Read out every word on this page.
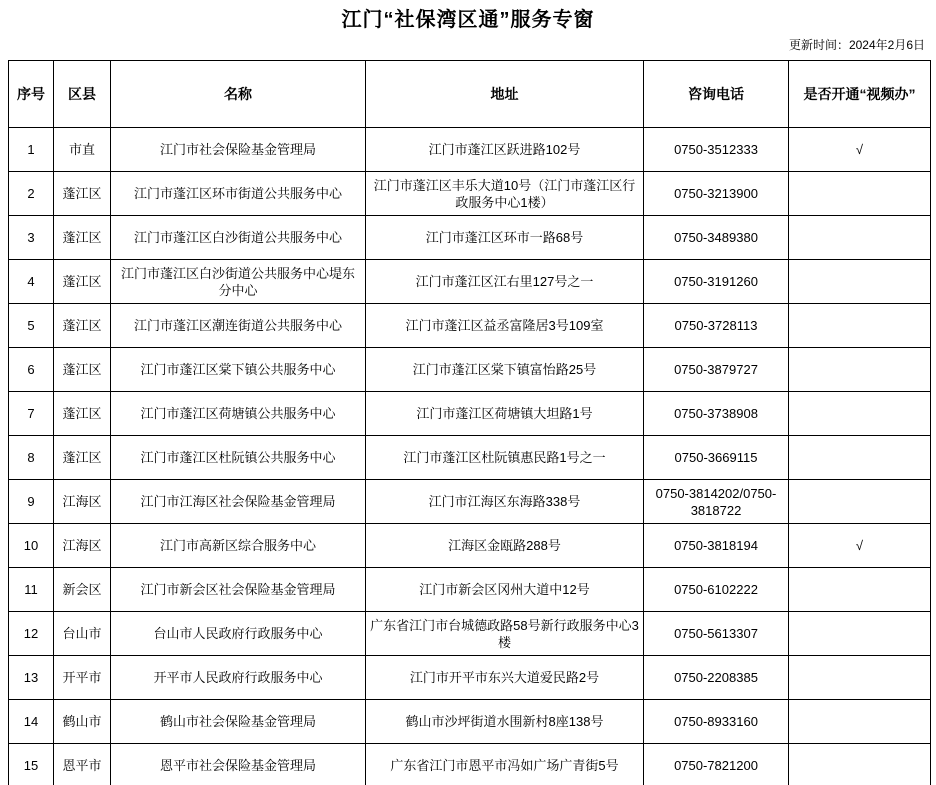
江门“社保湾区通”服务专窗
更新时间：2024年2月6日
序号	区县	名称	地址	咨询电话	是否开通“视频办”
1	市直	江门市社会保险基金管理局	江门市蓬江区跃进路102号	0750-3512333	√
2	蓬江区	江门市蓬江区环市街道公共服务中心	江门市蓬江区丰乐大道10号（江门市蓬江区行政服务中心1楼）	0750-3213900	
3	蓬江区	江门市蓬江区白沙街道公共服务中心	江门市蓬江区环市一路68号	0750-3489380	
4	蓬江区	江门市蓬江区白沙街道公共服务中心堤东分中心	江门市蓬江区江右里127号之一	0750-3191260	
5	蓬江区	江门市蓬江区潮连街道公共服务中心	江门市蓬江区益丞富隆居3号109室	0750-3728113	
6	蓬江区	江门市蓬江区棠下镇公共服务中心	江门市蓬江区棠下镇富怡路25号	0750-3879727	
7	蓬江区	江门市蓬江区荷塘镇公共服务中心	江门市蓬江区荷塘镇大坦路1号	0750-3738908	
8	蓬江区	江门市蓬江区杜阮镇公共服务中心	江门市蓬江区杜阮镇惠民路1号之一	0750-3669115	
9	江海区	江门市江海区社会保险基金管理局	江门市江海区东海路338号	0750-3814202/0750-3818722	
10	江海区	江门市高新区综合服务中心	江海区金瓯路288号	0750-3818194	√
11	新会区	江门市新会区社会保险基金管理局	江门市新会区冈州大道中12号	0750-6102222	
12	台山市	台山市人民政府行政服务中心	广东省江门市台城德政路58号新行政服务中心3楼	0750-5613307	
13	开平市	开平市人民政府行政服务中心	江门市开平市东兴大道爱民路2号	0750-2208385	
14	鹤山市	鹤山市社会保险基金管理局	鹤山市沙坪街道水围新村8座138号	0750-8933160	
15	恩平市	恩平市社会保险基金管理局	广东省江门市恩平市冯如广场广青街5号	0750-7821200	
